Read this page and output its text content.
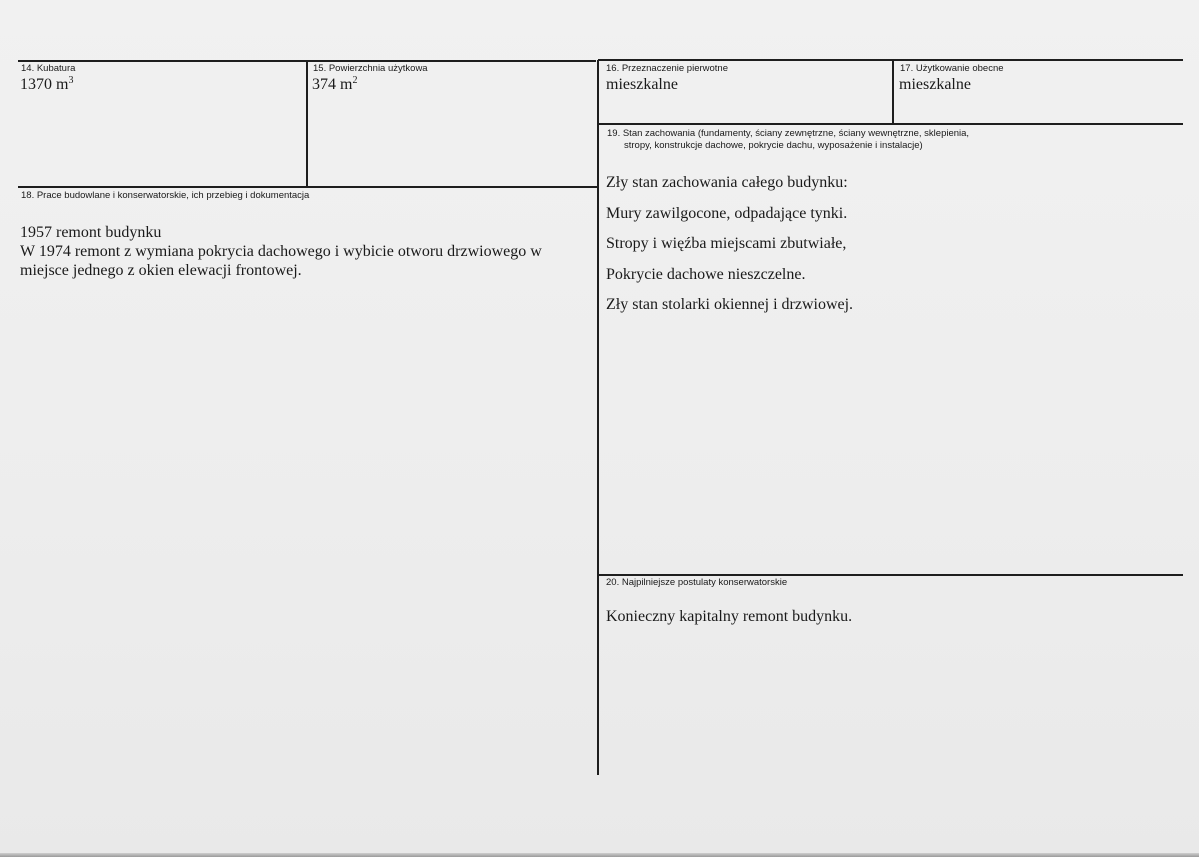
14. Kubatura
1370 $m^3$
15. Powierzchnia użytkowa
374 $m^2$
16. Przeznaczenie pierwotne
mieszkalne
17. Użytkowanie obecne
mieszkalne
19. Stan zachowania (fundamenty, ściany zewnętrzne, ściany wewnętrzne, sklepienia,
stropy, konstrukcje dachowe, pokrycie dachu, wyposażenie i instalacje)
Zły stan zachowania całego budynku:
Mury zawilgocone, odpadające tynki.
Stropy i więźba miejscami zbutwiałe,
Pokrycie dachowe nieszczelne.
Zły stan stolarki okiennej i drzwiowej.
18. Prace budowlane i konserwatorskie, ich przebieg i dokumentacja
1957 remont budynku
W 1974 remont z wymiana pokrycia dachowego i wybicie otworu drzwiowego w
miejsce jednego z okien elewacji frontowej.
20. Najpilniejsze postulaty konserwatorskie
Konieczny kapitalny remont budynku.
